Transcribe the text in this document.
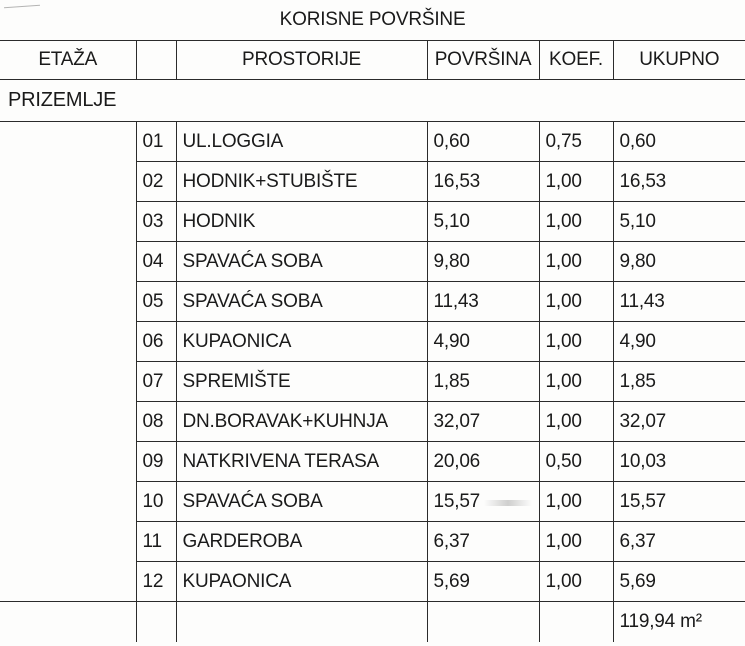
KORISNE POVRŠINE					
ETAŽA		PROSTORIJE	POVRŠINA	KOEF.	UKUPNO
PRIZEMLJE					
	01	UL.LOGGIA	0,60	0,75	0,60
	02	HODNIK+STUBIŠTE	16,53	1,00	16,53
	03	HODNIK	5,10	1,00	5,10
	04	SPAVAĆA SOBA	9,80	1,00	9,80
	05	SPAVAĆA SOBA	11,43	1,00	11,43
	06	KUPAONICA	4,90	1,00	4,90
	07	SPREMIŠTE	1,85	1,00	1,85
	08	DN.BORAVAK+KUHNJA	32,07	1,00	32,07
	09	NATKRIVENA TERASA	20,06	0,50	10,03
	10	SPAVAĆA SOBA	15,57	1,00	15,57
	11	GARDEROBA	6,37	1,00	6,37
	12	KUPAONICA	5,69	1,00	5,69
					119,94 m²
